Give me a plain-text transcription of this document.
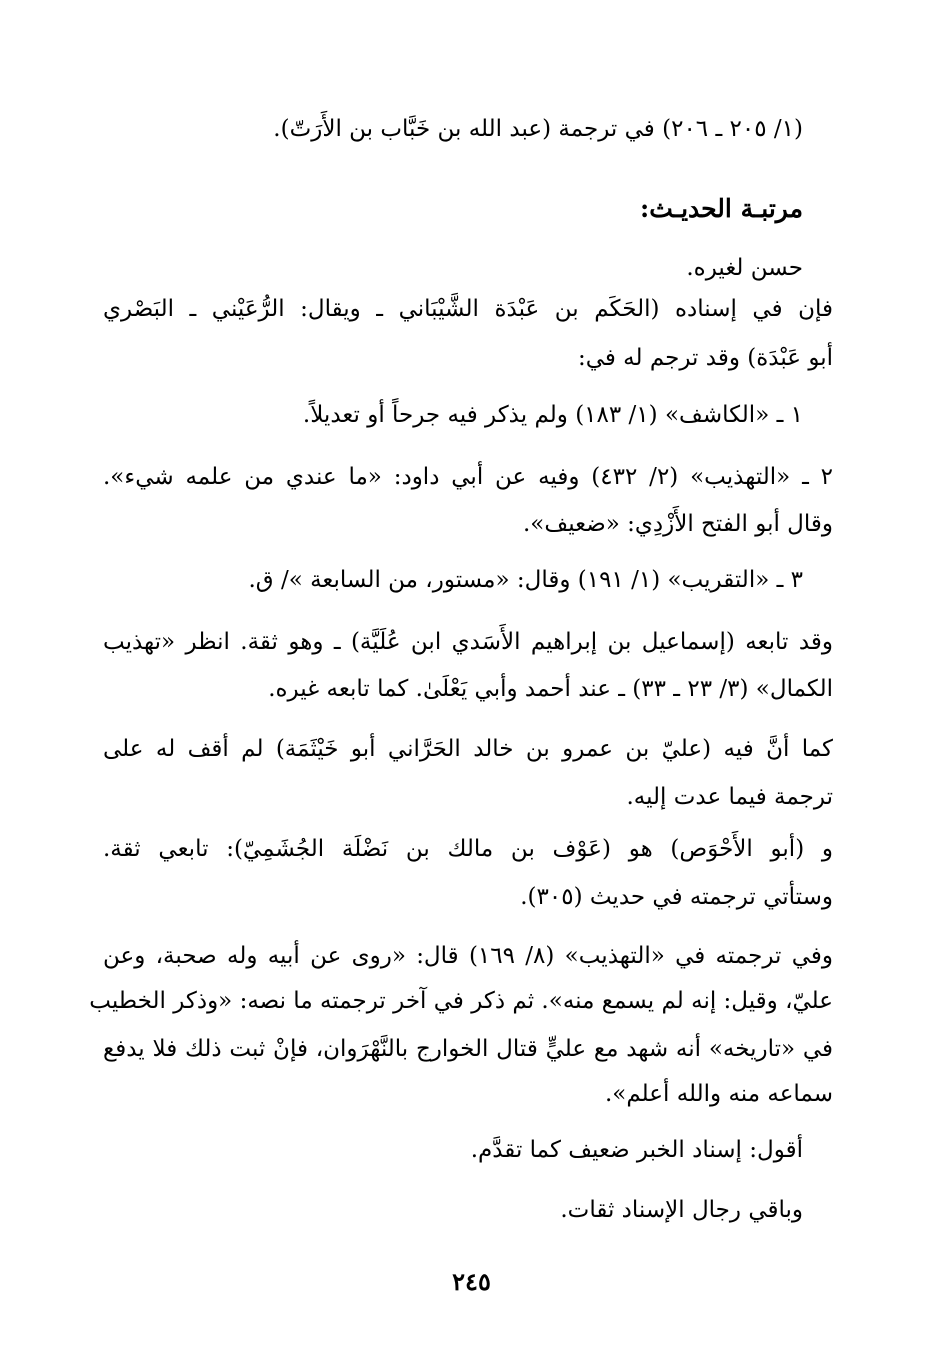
(١/ ٢٠٥ ـ ٢٠٦) في ترجمة (عبد الله بن خَبَّاب بن الأَرَتّ).
مرتبـة الحديـث:
حسن لغيره.
فإن في إسناده (الحَكَم بن عَبْدَة الشَّيْبَاني ـ ويقال: الرُّعَيْني ـ البَصْري
أبو عَبْدَة) وقد ترجم له في:
١ ـ «الكاشف» (١/ ١٨٣) ولم يذكر فيه جرحاً أو تعديلاً.
٢ ـ «التهذيب» (٢/ ٤٣٢) وفيه عن أبي داود: «ما عندي من علمه شيء».
وقال أبو الفتح الأَزْدِي: «ضعيف».
٣ ـ «التقريب» (١/ ١٩١) وقال: «مستور، من السابعة »/ ق.
وقد تابعه (إسماعيل بن إبراهيم الأَسَدي ابن عُلَيَّة) ـ وهو ثقة. انظر «تهذيب
الكمال» (٣/ ٢٣ ـ ٣٣) ـ عند أحمد وأبي يَعْلَىٰ. كما تابعه غيره.
كما أنَّ فيه (عليّ بن عمرو بن خالد الحَرَّاني أبو خَيْثَمَة) لم أقف له على
ترجمة فيما عدت إليه.
و (أبو الأَحْوَص) هو (عَوْف بن مالك بن نَضْلَة الجُشَمِيّ): تابعي ثقة.
وستأتي ترجمته في حديث (٣٠٥).
وفي ترجمته في «التهذيب» (٨/ ١٦٩) قال: «روى عن أبيه وله صحبة، وعن
عليّ، وقيل: إنه لم يسمع منه». ثم ذكر في آخر ترجمته ما نصه: «وذكر الخطيب
في «تاريخه» أنه شهد مع عليٍّ قتال الخوارج بالنَّهْرَوان، فإنْ ثبت ذلك فلا يدفع
سماعه منه والله أعلم».
أقول: إسناد الخبر ضعيف كما تقدَّم.
وباقي رجال الإسناد ثقات.
٢٤٥
